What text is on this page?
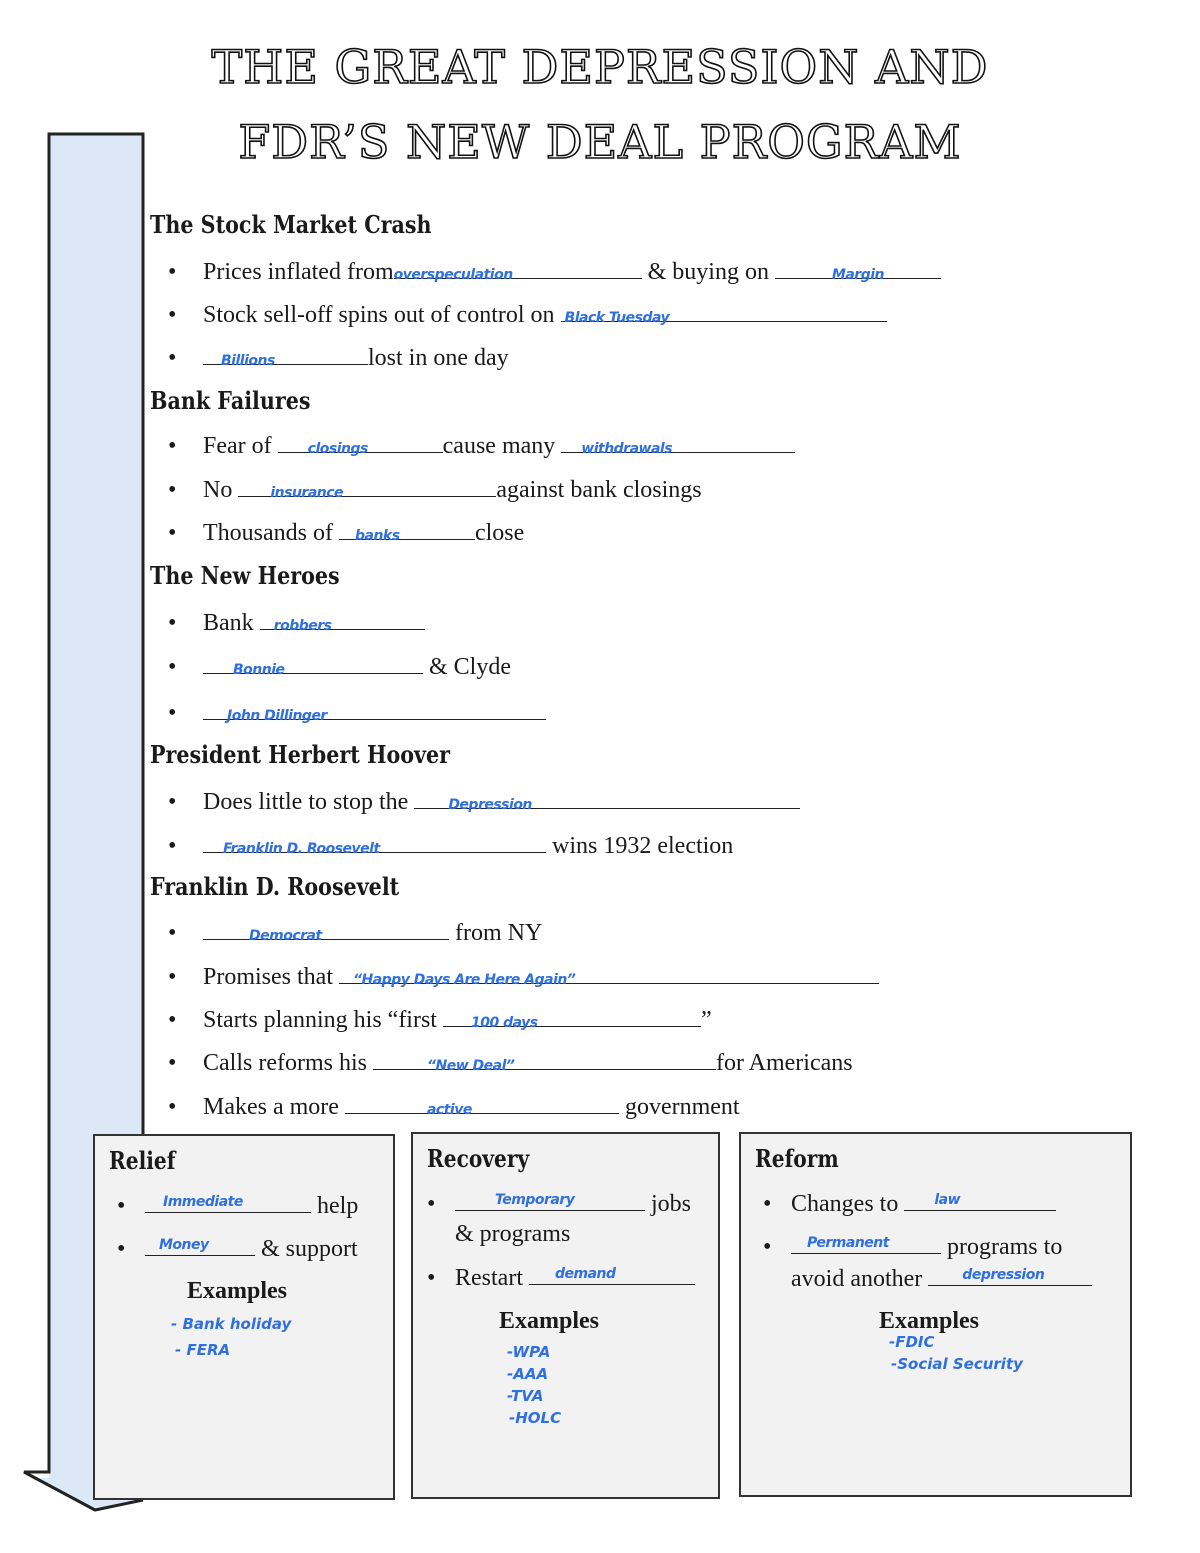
THE GREAT DEPRESSION AND
FDR’S NEW DEAL PROGRAM
The Stock Market Crash
•	Prices inflated from overspeculation	& buying on	Margin
•	Stock sell-off spins out of control on Black Tuesday
•	Billions	lost in one day
Bank Failures
•	Fear of closings	cause many withdrawals
•	No insurance	against bank closings
•	Thousands of banks	close
The New Heroes
•	Bank robbers
•	Bonnie	& Clyde
•	John Dillinger
President Herbert Hoover
•	Does little to stop the Depression
•	Franklin D. Roosevelt	wins 1932 election
Franklin D. Roosevelt
•	Democrat	from NY
•	Promises that “Happy Days Are Here Again”
•	Starts planning his “first 100 days	”
•	Calls reforms his	“New Deal”	for Americans
•	Makes a more	active	government
Relief
•	Immediate	help
• Money	& support
Examples
- Bank holiday
- FERA
Recovery
•	Temporary	jobs
& programs
• Restart demand
Examples
-WPA
-AAA
-TVA
-HOLC
Reform
• Changes to law
•	Permanent	programs to
avoid another depression
Examples
-FDIC
-Social Security
